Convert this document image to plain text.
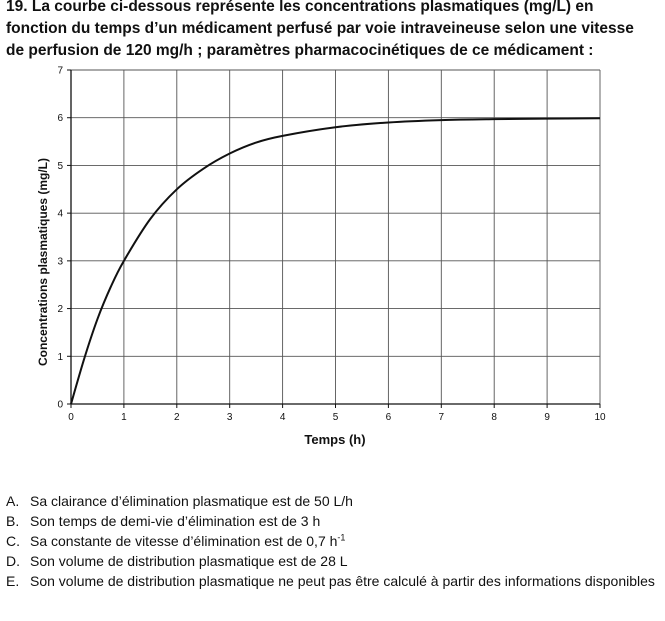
19. La courbe ci-dessous représente les concentrations plasmatiques (mg/L) en fonction du temps d’un médicament perfusé par voie intraveineuse selon une vitesse de perfusion de 120 mg/h ; paramètres pharmacocinétiques de ce médicament :
0	1	2	3	4	5	6	7	8	9	10
0
1
2
3
4
5
6
7
Temps (h)
Concentrations plasmatiques (mg/L)
A. Sa clairance d’élimination plasmatique est de 50 L/h
B. Son temps de demi-vie d’élimination est de 3 h
C. Sa constante de vitesse d’élimination est de 0,7 $h^{-1}$
D. Son volume de distribution plasmatique est de 28 L
E. Son volume de distribution plasmatique ne peut pas être calculé à partir des informations disponibles
